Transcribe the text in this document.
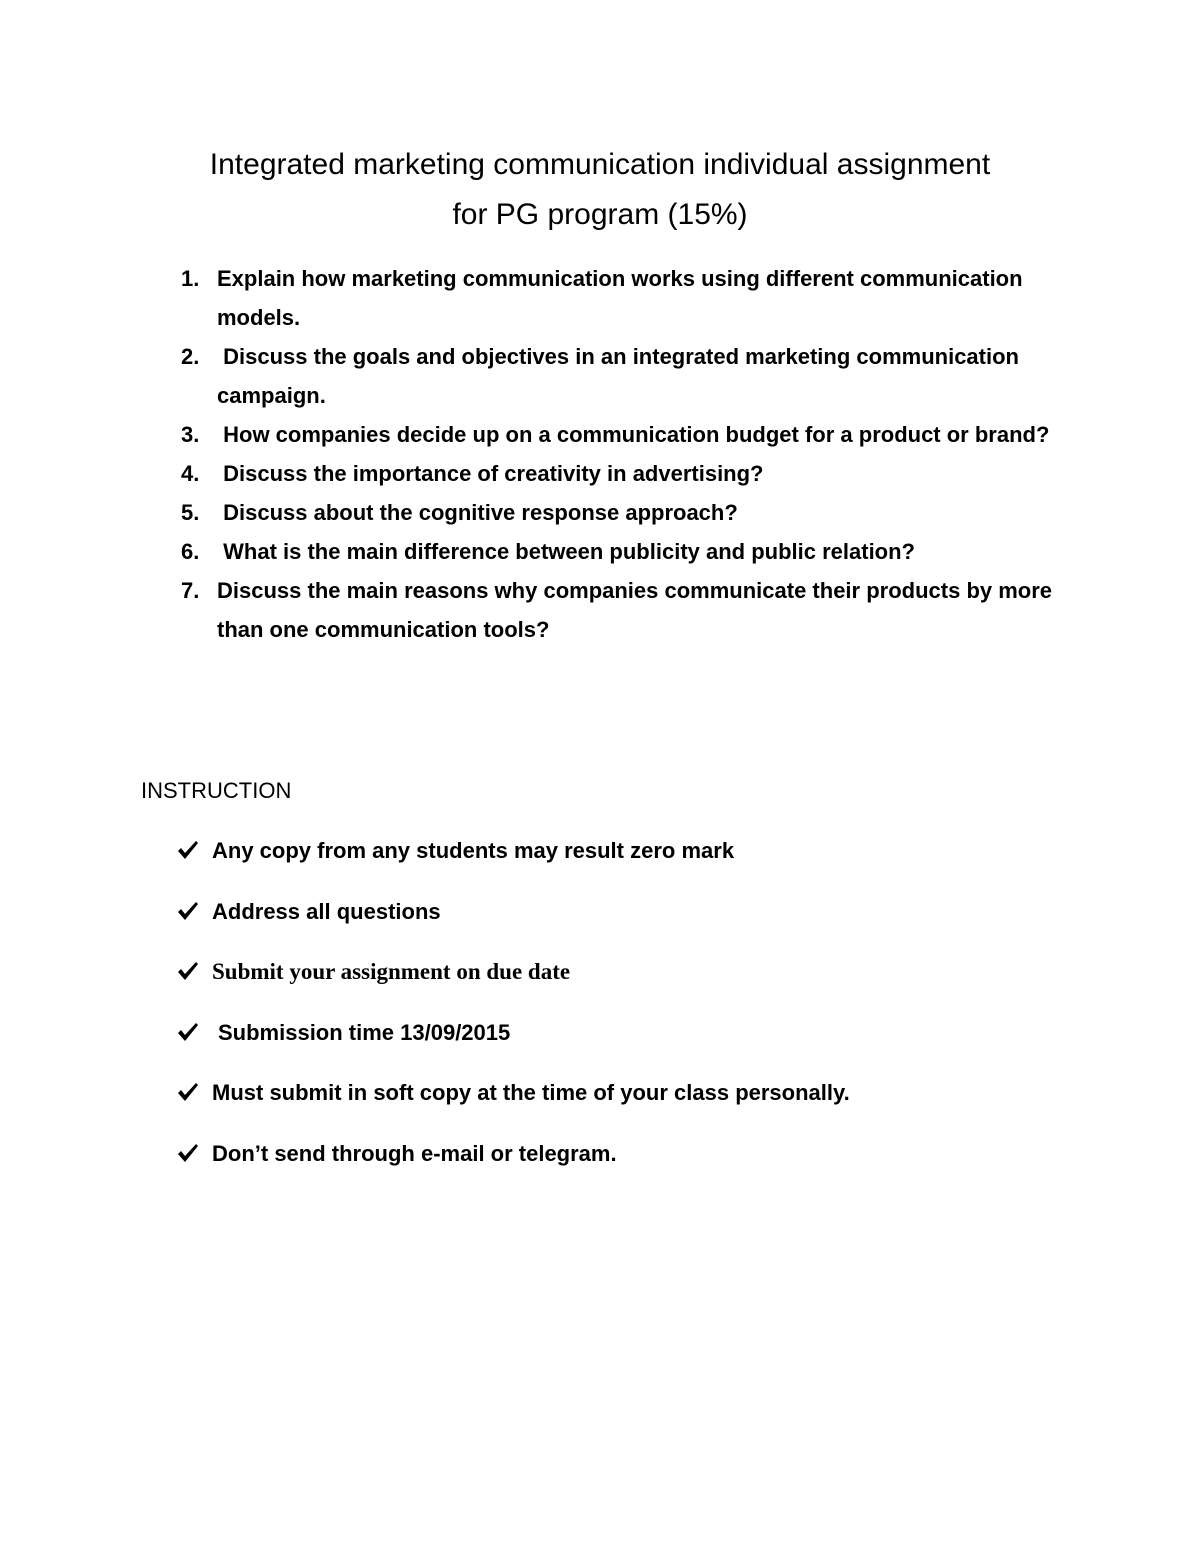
Integrated marketing communication individual assignment
for PG program (15%)
1. Explain how marketing communication works using different communication models.
2. Discuss the goals and objectives in an integrated marketing communication campaign.
3. How companies decide up on a communication budget for a product or brand?
4. Discuss the importance of creativity in advertising?
5. Discuss about the cognitive response approach?
6. What is the main difference between publicity and public relation?
7. Discuss the main reasons why companies communicate their products by more than one communication tools?
INSTRUCTION
Any copy from any students may result zero mark
Address all questions
Submit your assignment on due date
Submission time 13/09/2015
Must submit in soft copy at the time of your class personally.
Don’t send through e-mail or telegram.
